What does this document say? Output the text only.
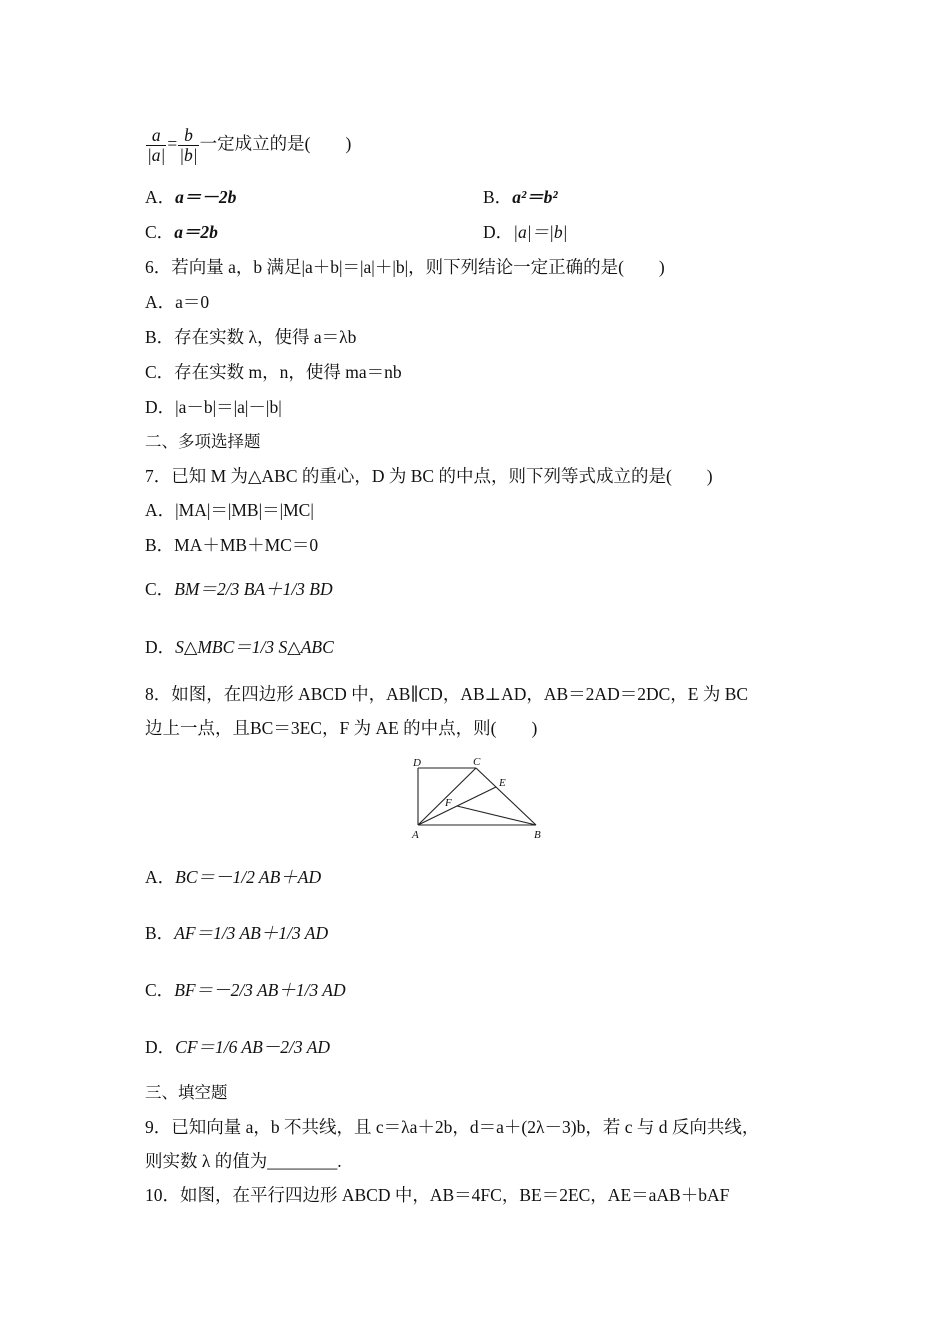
$\frac{a}{|a|} = \frac{b}{|b|}$ 一定成立的是(　　)
A．a＝－2b	B．a²＝b²
C．a＝2b	D．|a|＝|b|
6．若向量 a，b 满足|a＋b|＝|a|＋|b|，则下列结论一定正确的是(　　)
A．a＝0
B．存在实数 λ，使得 a＝λb
C．存在实数 m，n，使得 ma＝nb
D．|a－b|＝|a|－|b|
二、多项选择题
7．已知 M 为△ABC 的重心，D 为 BC 的中点，则下列等式成立的是(　　)
A．|MA|＝|MB|＝|MC|
B．MA＋MB＋MC＝0
C．BM＝2/3 BA＋1/3 BD
D．S△MBC＝1/3 S△ABC
8．如图，在四边形 ABCD 中，AB∥CD，AB⊥AD，AB＝2AD＝2DC，E 为 BC
边上一点，且BC＝3EC，F 为 AE 的中点，则(　　)
D	C
E
F
A	B
A．BC＝－1/2 AB＋AD
B．AF＝1/3 AB＋1/3 AD
C．BF＝－2/3 AB＋1/3 AD
D．CF＝1/6 AB－2/3 AD
三、填空题
9．已知向量 a，b 不共线，且 c＝λa＋2b，d＝a＋(2λ－3)b，若 c 与 d 反向共线，
则实数 λ 的值为________.
10．如图，在平行四边形 ABCD 中，AB＝4FC，BE＝2EC，AE＝aAB＋bAF
